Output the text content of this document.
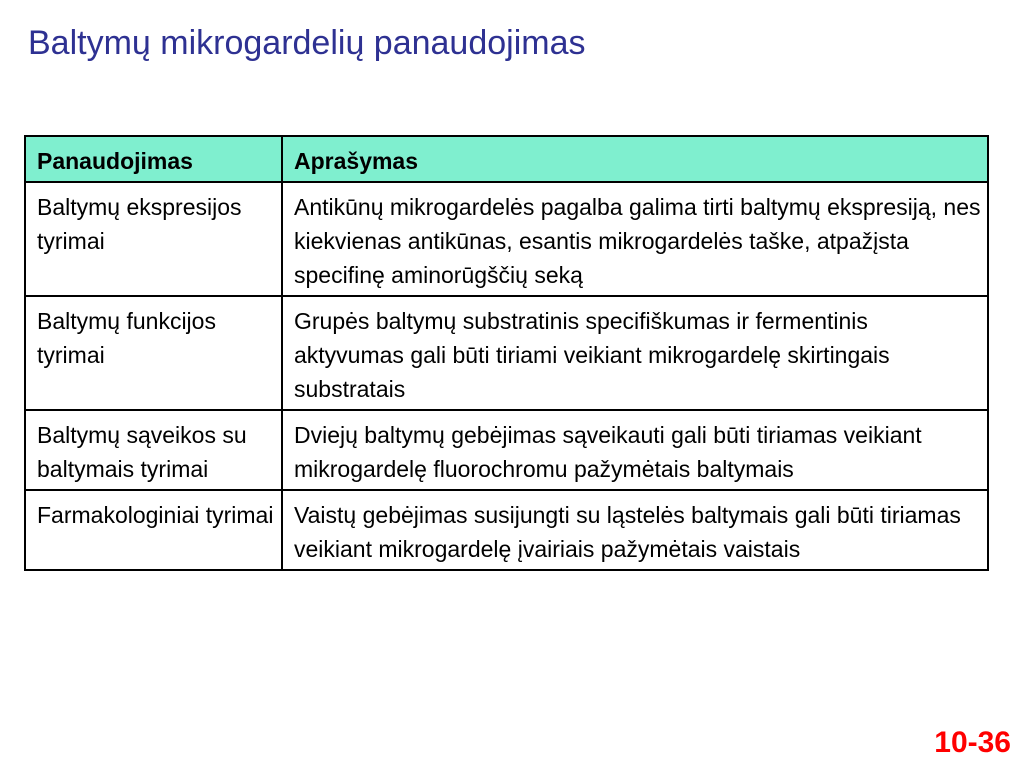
Baltymų mikrogardelių panaudojimas
Panaudojimas	Aprašymas
Baltymų ekspresijos tyrimai	Antikūnų mikrogardelės pagalba galima tirti baltymų ekspresiją, nes kiekvienas antikūnas, esantis mikrogardelės taške, atpažįsta specifinę aminorūgščių seką
Baltymų funkcijos tyrimai	Grupės baltymų substratinis specifiškumas ir fermentinis aktyvumas gali būti tiriami veikiant mikrogardelę skirtingais substratais
Baltymų sąveikos su baltymais tyrimai	Dviejų baltymų gebėjimas sąveikauti gali būti tiriamas veikiant mikrogardelę fluorochromu pažymėtais baltymais
Farmakologiniai tyrimai	Vaistų gebėjimas susijungti su ląstelės baltymais gali būti tiriamas veikiant mikrogardelę įvairiais pažymėtais vaistais
10-36
